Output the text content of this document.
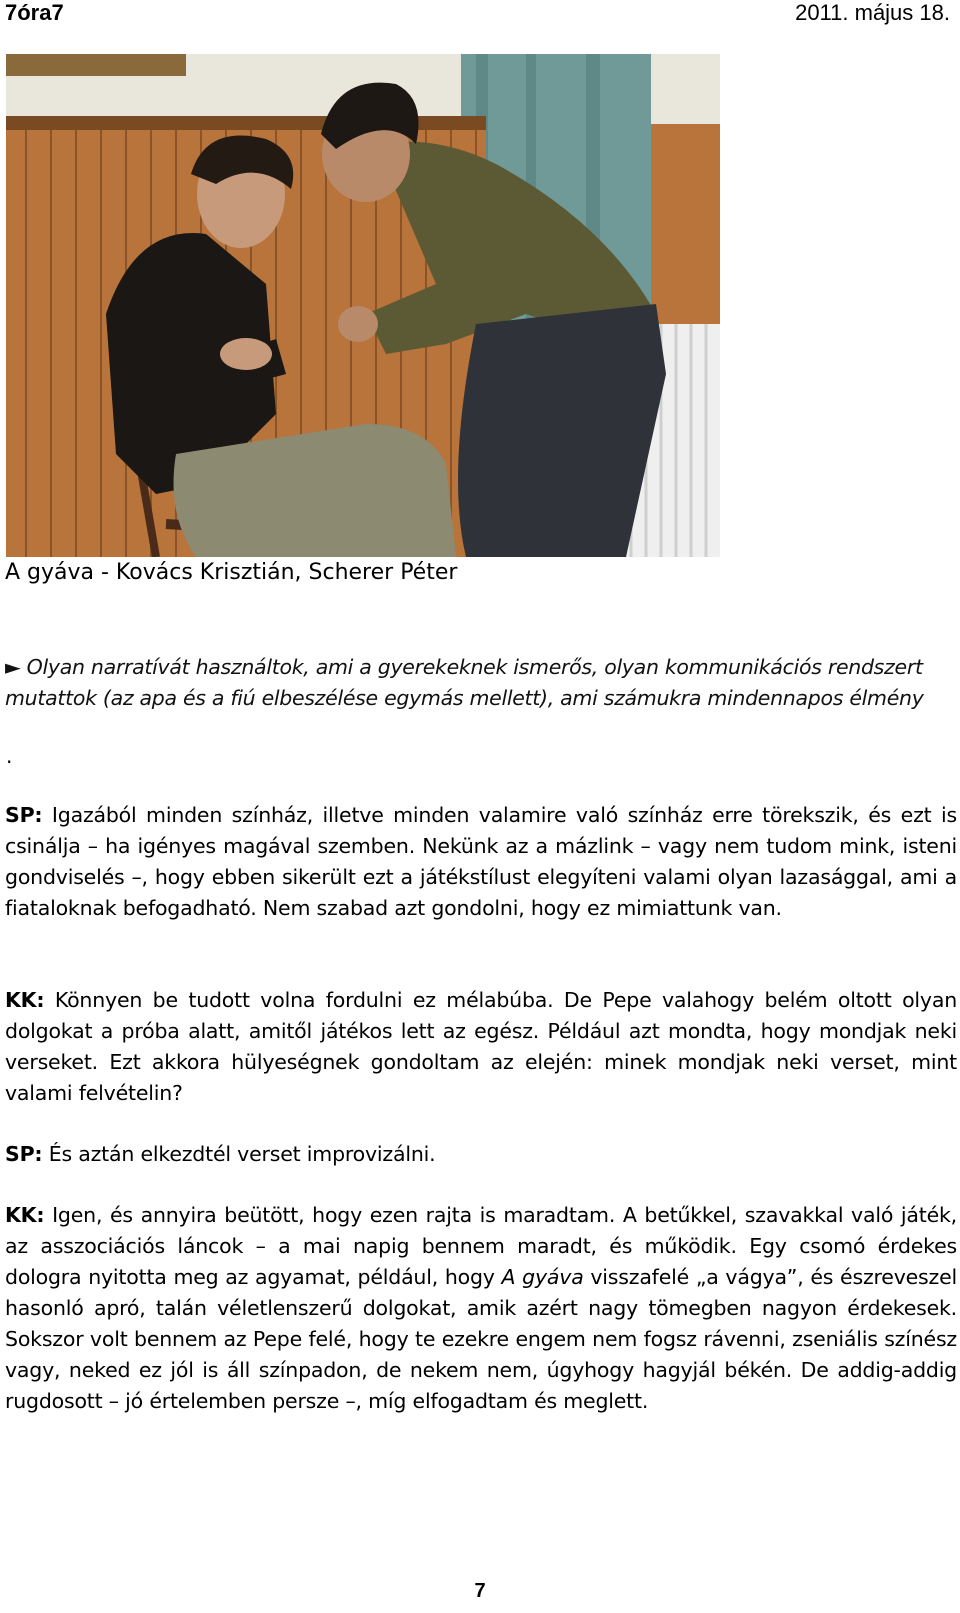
7óra7	2011. május 18.
A gyáva - Kovács Krisztián, Scherer Péter
► Olyan narratívát használtok, ami a gyerekeknek ismerős, olyan kommunikációs rendszert mutattok (az apa és a fiú elbeszélése egymás mellett), ami számukra mindennapos élmény
.
SP: Igazából minden színház, illetve minden valamire való színház erre törekszik, és ezt is csinálja – ha igényes magával szemben. Nekünk az a mázlink – vagy nem tudom mink, isteni gondviselés –, hogy ebben sikerült ezt a játékstílust elegyíteni valami olyan lazasággal, ami a fiataloknak befogadható. Nem szabad azt gondolni, hogy ez mimiattunk van.
KK: Könnyen be tudott volna fordulni ez mélabúba. De Pepe valahogy belém oltott olyan dolgokat a próba alatt, amitől játékos lett az egész. Például azt mondta, hogy mondjak neki verseket. Ezt akkora hülyeségnek gondoltam az elején: minek mondjak neki verset, mint valami felvételin?
SP: És aztán elkezdtél verset improvizálni.
KK: Igen, és annyira beütött, hogy ezen rajta is maradtam. A betűkkel, szavakkal való játék, az asszociációs láncok – a mai napig bennem maradt, és működik. Egy csomó érdekes dologra nyitotta meg az agyamat, például, hogy A gyáva visszafelé „a vágya”, és észreveszel hasonló apró, talán véletlenszerű dolgokat, amik azért nagy tömegben nagyon érdekesek. Sokszor volt bennem az Pepe felé, hogy te ezekre engem nem fogsz rávenni, zseniális színész vagy, neked ez jól is áll színpadon, de nekem nem, úgyhogy hagyjál békén. De addig-addig rugdosott – jó értelemben persze –, míg elfogadtam és meglett.
7
